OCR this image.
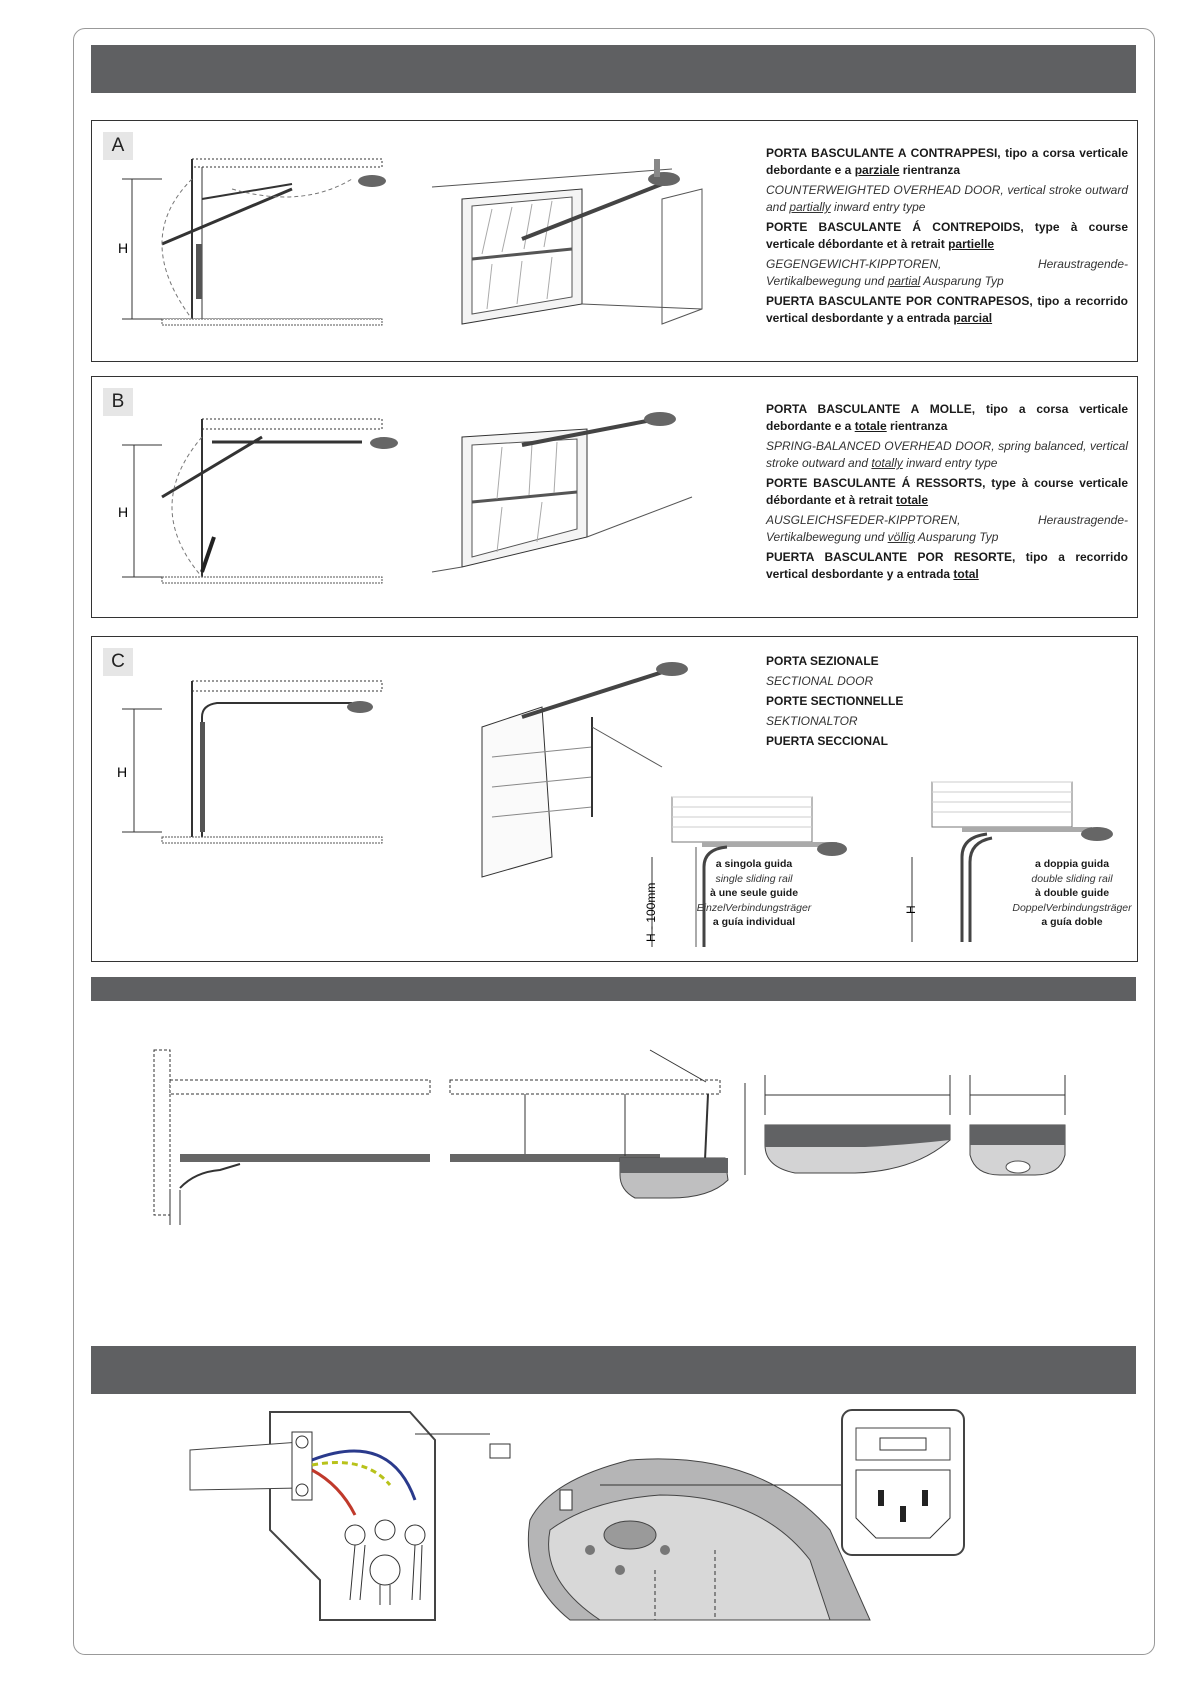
A
H

PORTA BASCULANTE A CONTRAPPESI, tipo a corsa verticale debordante e a parziale rientranza

COUNTERWEIGHTED OVERHEAD DOOR, vertical stroke outward and partially inward entry type

PORTE BASCULANTE Á CONTREPOIDS, type à course verticale débordante et à retrait partielle

GEGENGEWICHT-KIPPTOREN, Heraustragende-Vertikalbewegung und partial Ausparung Typ

PUERTA BASCULANTE POR CONTRAPESOS, tipo a recorrido vertical desbordante y a entrada parcial

B
H

PORTA BASCULANTE A MOLLE, tipo a corsa verticale debordante e a totale rientranza

SPRING-BALANCED OVERHEAD DOOR, spring balanced, vertical stroke outward and totally inward entry type

PORTE BASCULANTE Á RESSORTS, type à course verticale débordante et à retrait totale

AUSGLEICHSFEDER-KIPPTOREN, Heraustragende-Vertikalbewegung und völlig Ausparung Typ

PUERTA BASCULANTE POR RESORTE, tipo a recorrido vertical desbordante y a entrada total

C
H
PORTA SEZIONALE
SECTIONAL DOOR
PORTE SECTIONNELLE
SEKTIONALTOR
PUERTA SECCIONAL
H - 100mm
a singola guida
single sliding rail
à une seule guide
EinzelVerbindungsträger
a guía individual
H
a doppia guida
double sliding rail
à double guide
DoppelVerbindungsträger
a guía doble
